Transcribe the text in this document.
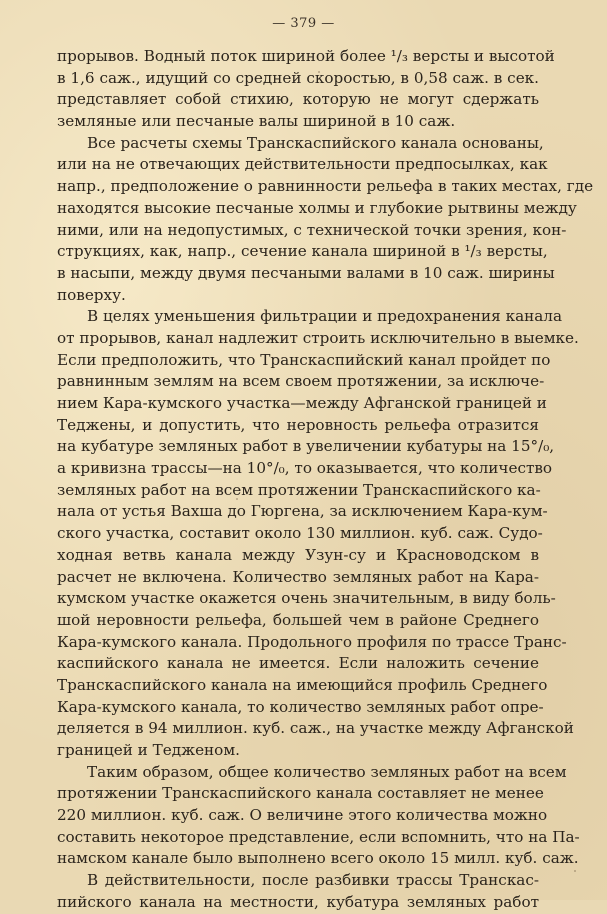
— 379 —
прорывов. Водный поток шириной более ¹/₃ версты и высотой
в 1,6 саж., идущий со средней скоростью, в 0,58 саж. в сек.
представляет собой стихию, которую не могут сдержать
земляные или песчаные валы шириной в 10 саж.
Все расчеты схемы Транскаспийского канала основаны,
или на не отвечающих действительности предпосылках, как
напр., предположение о равнинности рельефа в таких местах, где
находятся высокие песчаные холмы и глубокие рытвины между
ними, или на недопустимых, с технической точки зрения, кон-
струкциях, как, напр., сечение канала шириной в ¹/₃ версты,
в насыпи, между двумя песчаными валами в 10 саж. ширины
поверху.
В целях уменьшения фильтрации и предохранения канала
от прорывов, канал надлежит строить исключительно в выемке.
Если предположить, что Транскаспийский канал пройдет по
равнинным землям на всем своем протяжении, за исключе-
нием Кара-кумского участка—между Афганской границей и
Теджены, и допустить, что неровность рельефа отразится
на кубатуре земляных работ в увеличении кубатуры на 15°/₀,
а кривизна трассы—на 10°/₀, то оказывается, что количество
земляных работ на всем протяжении Транскаспийского ка-
нала от устья Вахша до Гюргена, за исключением Кара-кум-
ского участка, составит около 130 миллион. куб. саж. Судо-
ходная ветвь канала между Узун-су и Красноводском в
расчет не включена. Количество земляных работ на Кара-
кумском участке окажется очень значительным, в виду боль-
шой неровности рельефа, большей чем в районе Среднего
Кара-кумского канала. Продольного профиля по трассе Транс-
каспийского канала не имеется. Если наложить сечение
Транскаспийского канала на имеющийся профиль Среднего
Кара-кумского канала, то количество земляных работ опре-
деляется в 94 миллион. куб. саж., на участке между Афганской
границей и Тедженом.
Таким образом, общее количество земляных работ на всем
протяжении Транскаспийского канала составляет не менее
220 миллион. куб. саж. О величине этого количества можно
составить некоторое представление, если вспомнить, что на Па-
намском канале было выполнено всего около 15 милл. куб. саж.
В действительности, после разбивки трассы Транскас-
пийского канала на местности, кубатура земляных работ
